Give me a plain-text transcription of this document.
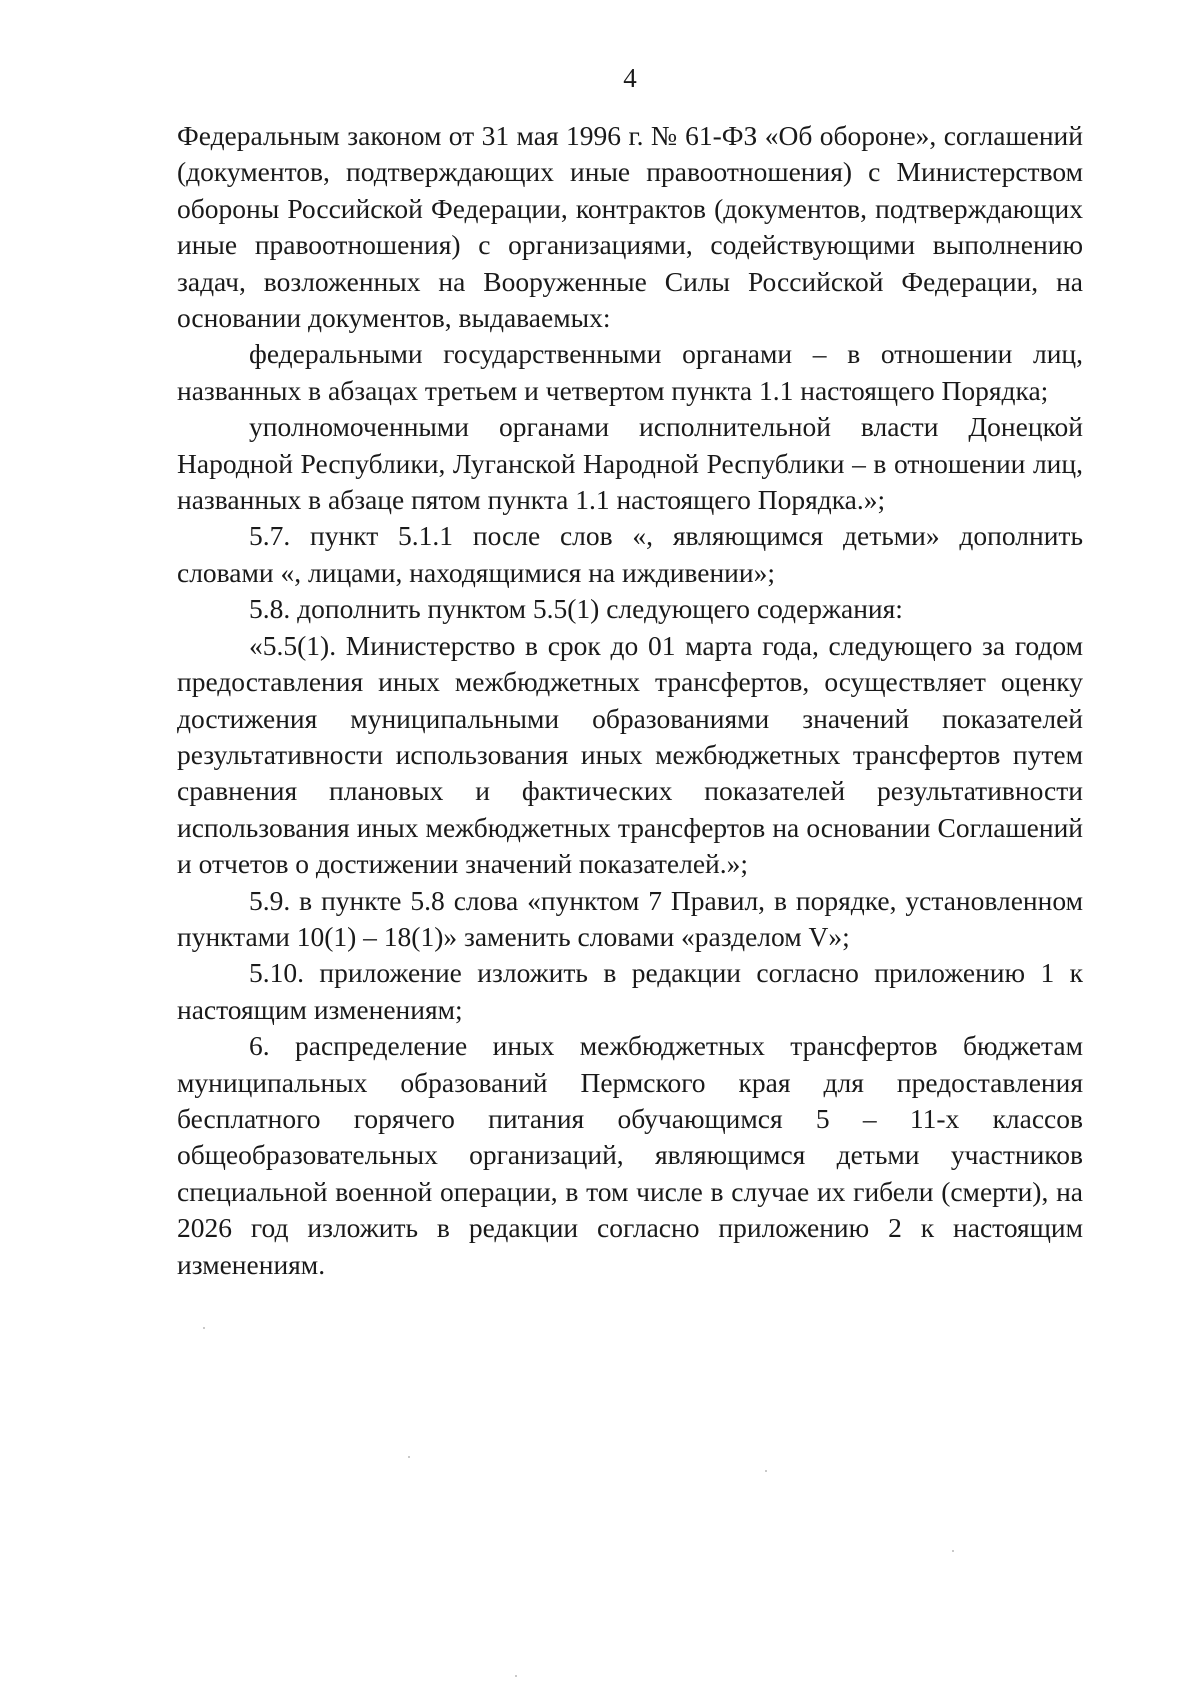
4

Федеральным законом от 31 мая 1996 г. № 61-ФЗ «Об обороне», соглашений (документов, подтверждающих иные правоотношения) с Министерством обороны Российской Федерации, контрактов (документов, подтверждающих иные правоотношения) с организациями, содействующими выполнению задач, возложенных на Вооруженные Силы Российской Федерации, на основании документов, выдаваемых:

федеральными государственными органами – в отношении лиц, названных в абзацах третьем и четвертом пункта 1.1 настоящего Порядка;

уполномоченными органами исполнительной власти Донецкой Народной Республики, Луганской Народной Республики – в отношении лиц, названных в абзаце пятом пункта 1.1 настоящего Порядка.»;

5.7. пункт 5.1.1 после слов «, являющимся детьми» дополнить словами «, лицами, находящимися на иждивении»;

5.8. дополнить пунктом 5.5(1) следующего содержания:

«5.5(1). Министерство в срок до 01 марта года, следующего за годом предоставления иных межбюджетных трансфертов, осуществляет оценку достижения муниципальными образованиями значений показателей результативности использования иных межбюджетных трансфертов путем сравнения плановых и фактических показателей результативности использования иных межбюджетных трансфертов на основании Соглашений и отчетов о достижении значений показателей.»;

5.9. в пункте 5.8 слова «пунктом 7 Правил, в порядке, установленном пунктами 10(1) – 18(1)» заменить словами «разделом V»;

5.10. приложение изложить в редакции согласно приложению 1 к настоящим изменениям;

6. распределение иных межбюджетных трансфертов бюджетам муниципальных образований Пермского края для предоставления бесплатного горячего питания обучающимся 5 – 11-х классов общеобразовательных организаций, являющимся детьми участников специальной военной операции, в том числе в случае их гибели (смерти), на 2026 год изложить в редакции согласно приложению 2 к настоящим изменениям.
